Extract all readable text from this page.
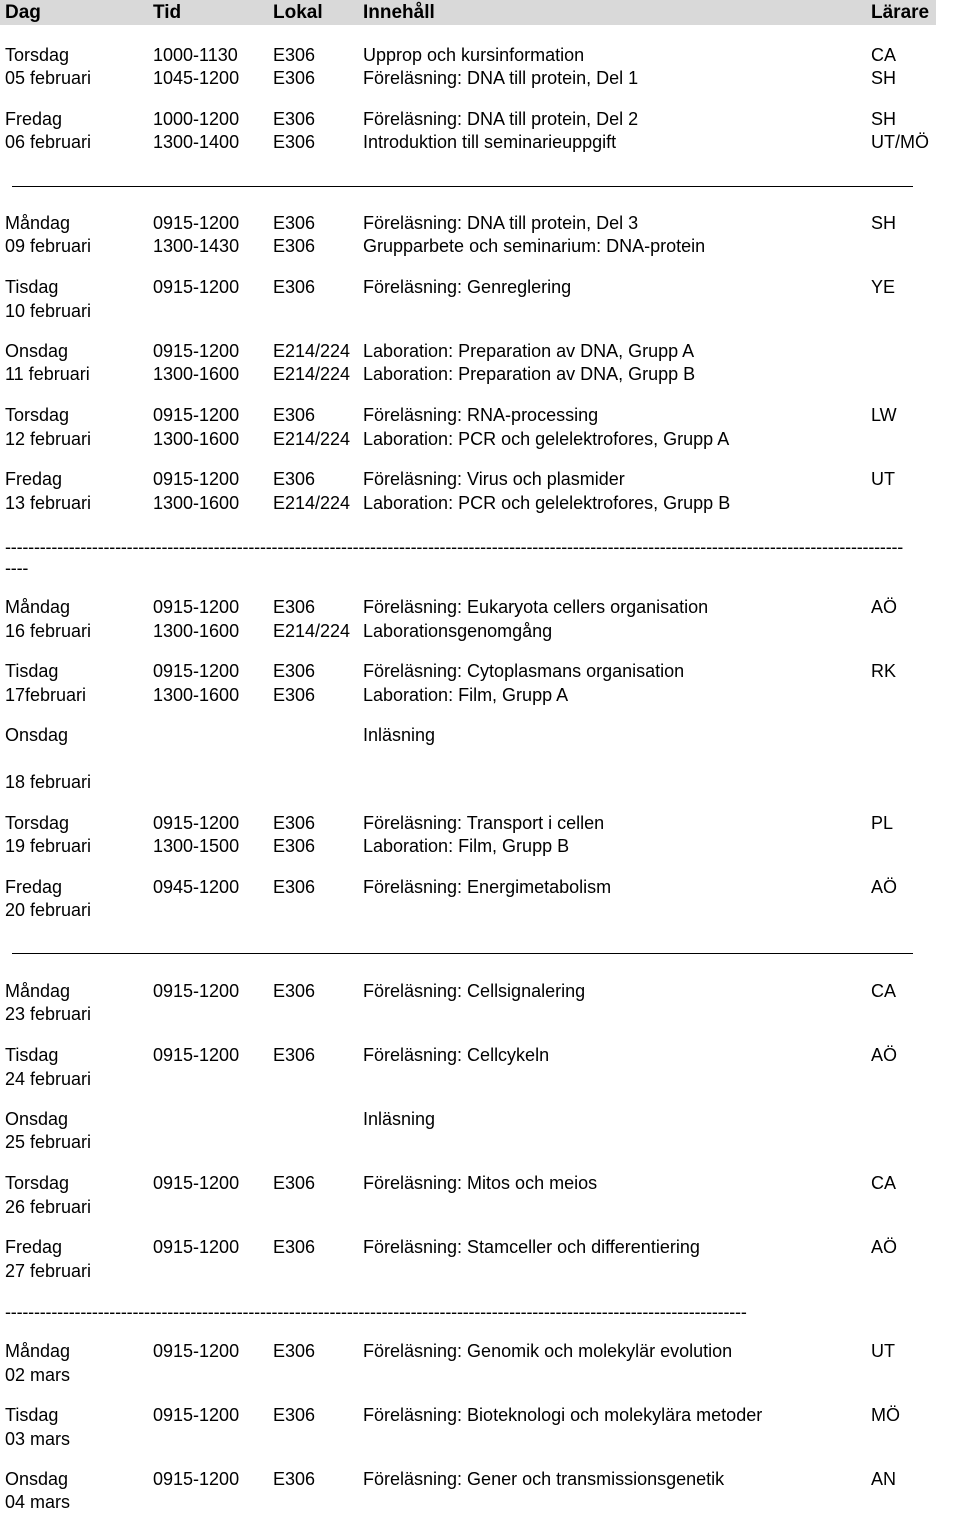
Dag	Tid	Lokal Innehåll	Lärare
Torsdag	1000-1130 E306	Upprop och kursinformation	CA
05 februari	1045-1200 E306	Föreläsning: DNA till protein, Del 1	SH
Fredag	1000-1200 E306	Föreläsning: DNA till protein, Del 2	SH
06 februari	1300-1400 E306	Introduktion till seminarieuppgift	UT/MÖ
Måndag	0915-1200 E306	Föreläsning: DNA till protein, Del 3	SH
09 februari	1300-1430 E306	Grupparbete och seminarium: DNA-protein
Tisdag	0915-1200 E306	Föreläsning: Genreglering	YE
10 februari
Onsdag	0915-1200 E214/224 Laboration: Preparation av DNA, Grupp A
11 februari	1300-1600 E214/224 Laboration: Preparation av DNA, Grupp B
Torsdag	0915-1200 E306	Föreläsning: RNA-processing	LW
12 februari	1300-1600 E214/224 Laboration: PCR och gelelektrofores, Grupp A
Fredag	0915-1200 E306	Föreläsning: Virus och plasmider	UT
13 februari	1300-1600 E214/224 Laboration: PCR och gelelektrofores, Grupp B
Måndag	0915-1200 E306	Föreläsning: Eukaryota cellers organisation	AÖ
16 februari	1300-1600 E214/224 Laborationsgenomgång
Tisdag	0915-1200 E306	Föreläsning: Cytoplasmans organisation	RK
17februari	1300-1600 E306	Laboration: Film, Grupp A
Onsdag	Inläsning
18 februari
Torsdag	0915-1200 E306	Föreläsning: Transport i cellen	PL
19 februari	1300-1500 E306	Laboration: Film, Grupp B
Fredag	0945-1200 E306	Föreläsning: Energimetabolism	AÖ
20 februari
Måndag	0915-1200 E306	Föreläsning: Cellsignalering	CA
23 februari
Tisdag	0915-1200 E306	Föreläsning: Cellcykeln	AÖ
24 februari
Onsdag	Inläsning
25 februari
Torsdag	0915-1200 E306	Föreläsning: Mitos och meios	CA
26 februari
Fredag	0915-1200 E306	Föreläsning: Stamceller och differentiering	AÖ
27 februari
Måndag	0915-1200 E306	Föreläsning: Genomik och molekylär evolution	UT
02 mars
Tisdag	0915-1200 E306	Föreläsning: Bioteknologi och molekylära metoder	MÖ
03 mars
Onsdag	0915-1200 E306	Föreläsning: Gener och transmissionsgenetik	AN
04 mars
-----------------------------------------------------------------------------------------------------------------------------------------------------------
----
--------------------------------------------------------------------------------------------------------------------------------
